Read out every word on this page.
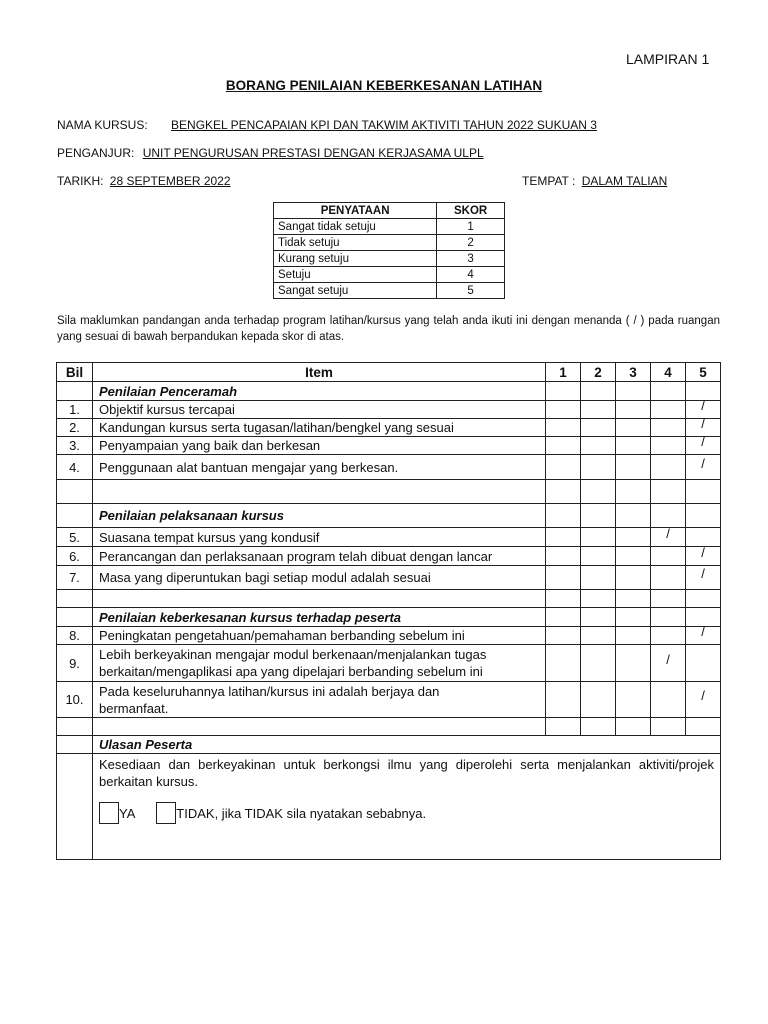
LAMPIRAN 1
BORANG PENILAIAN KEBERKESANAN LATIHAN
NAMA KURSUS: BENGKEL PENCAPAIAN KPI DAN TAKWIM AKTIVITI TAHUN 2022 SUKUAN 3
PENGANJUR: UNIT PENGURUSAN PRESTASI DENGAN KERJASAMA ULPL
TARIKH: 28 SEPTEMBER 2022	TEMPAT : DALAM TALIAN
PENYATAAN	SKOR
Sangat tidak setuju	1
Tidak setuju	2
Kurang setuju	3
Setuju	4
Sangat setuju	5
Sila maklumkan pandangan anda terhadap program latihan/kursus yang telah anda ikuti ini dengan menanda ( / ) pada ruangan yang sesuai di bawah berpandukan kepada skor di atas.
Bil	Item	1	2	3	4	5
	Penilaian Penceramah					
1.	Objektif kursus tercapai					/
2.	Kandungan kursus serta tugasan/latihan/bengkel yang sesuai					/
3.	Penyampaian yang baik dan berkesan					/
4.	Penggunaan alat bantuan mengajar yang berkesan.					/

	Penilaian pelaksanaan kursus					
5.	Suasana tempat kursus yang kondusif				/	
6.	Perancangan dan perlaksanaan program telah dibuat dengan lancar					/
7.	Masa yang diperuntukan bagi setiap modul adalah sesuai					/

	Penilaian keberkesanan kursus terhadap peserta					
8.	Peningkatan pengetahuan/pemahaman berbanding sebelum ini					/
9.	Lebih berkeyakinan mengajar modul berkenaan/menjalankan tugas
berkaitan/mengaplikasi apa yang dipelajari berbanding sebelum ini				/	
10.	Pada keseluruhannya latihan/kursus ini adalah berjaya dan
bermanfaat.					/

	Ulasan Peserta					

	Kesediaan dan berkeyakinan untuk berkongsi ilmu yang diperolehi serta menjalankan aktiviti/projek berkaitan kursus.
YA TIDAK, jika TIDAK sila nyatakan sebabnya.					
